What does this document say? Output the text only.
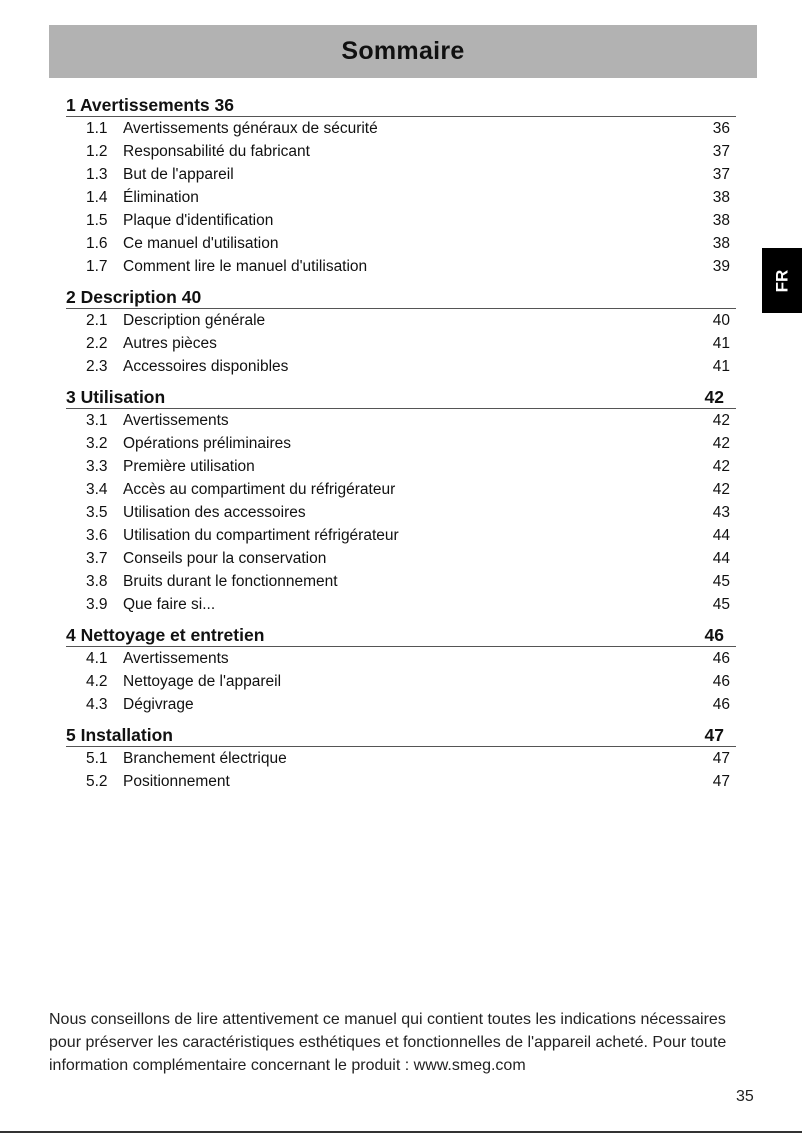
Sommaire
FR
1 Avertissements 36
1.1 Avertissements généraux de sécurité	36
1.2 Responsabilité du fabricant	37
1.3 But de l'appareil	37
1.4 Élimination	38
1.5 Plaque d'identification	38
1.6 Ce manuel d'utilisation	38
1.7 Comment lire le manuel d'utilisation	39
2 Description 40
2.1 Description générale	40
2.2 Autres pièces	41
2.3 Accessoires disponibles	41
3 Utilisation	42
3.1 Avertissements	42
3.2 Opérations préliminaires	42
3.3 Première utilisation	42
3.4 Accès au compartiment du réfrigérateur	42
3.5 Utilisation des accessoires	43
3.6 Utilisation du compartiment réfrigérateur	44
3.7 Conseils pour la conservation	44
3.8 Bruits durant le fonctionnement	45
3.9 Que faire si...	45
4 Nettoyage et entretien	46
4.1 Avertissements	46
4.2 Nettoyage de l'appareil	46
4.3 Dégivrage	46
5 Installation	47
5.1 Branchement électrique	47
5.2 Positionnement	47
Nous conseillons de lire attentivement ce manuel qui contient toutes les indications nécessaires pour préserver les caractéristiques esthétiques et fonctionnelles de l'appareil acheté. Pour toute information complémentaire concernant le produit : www.smeg.com
35
